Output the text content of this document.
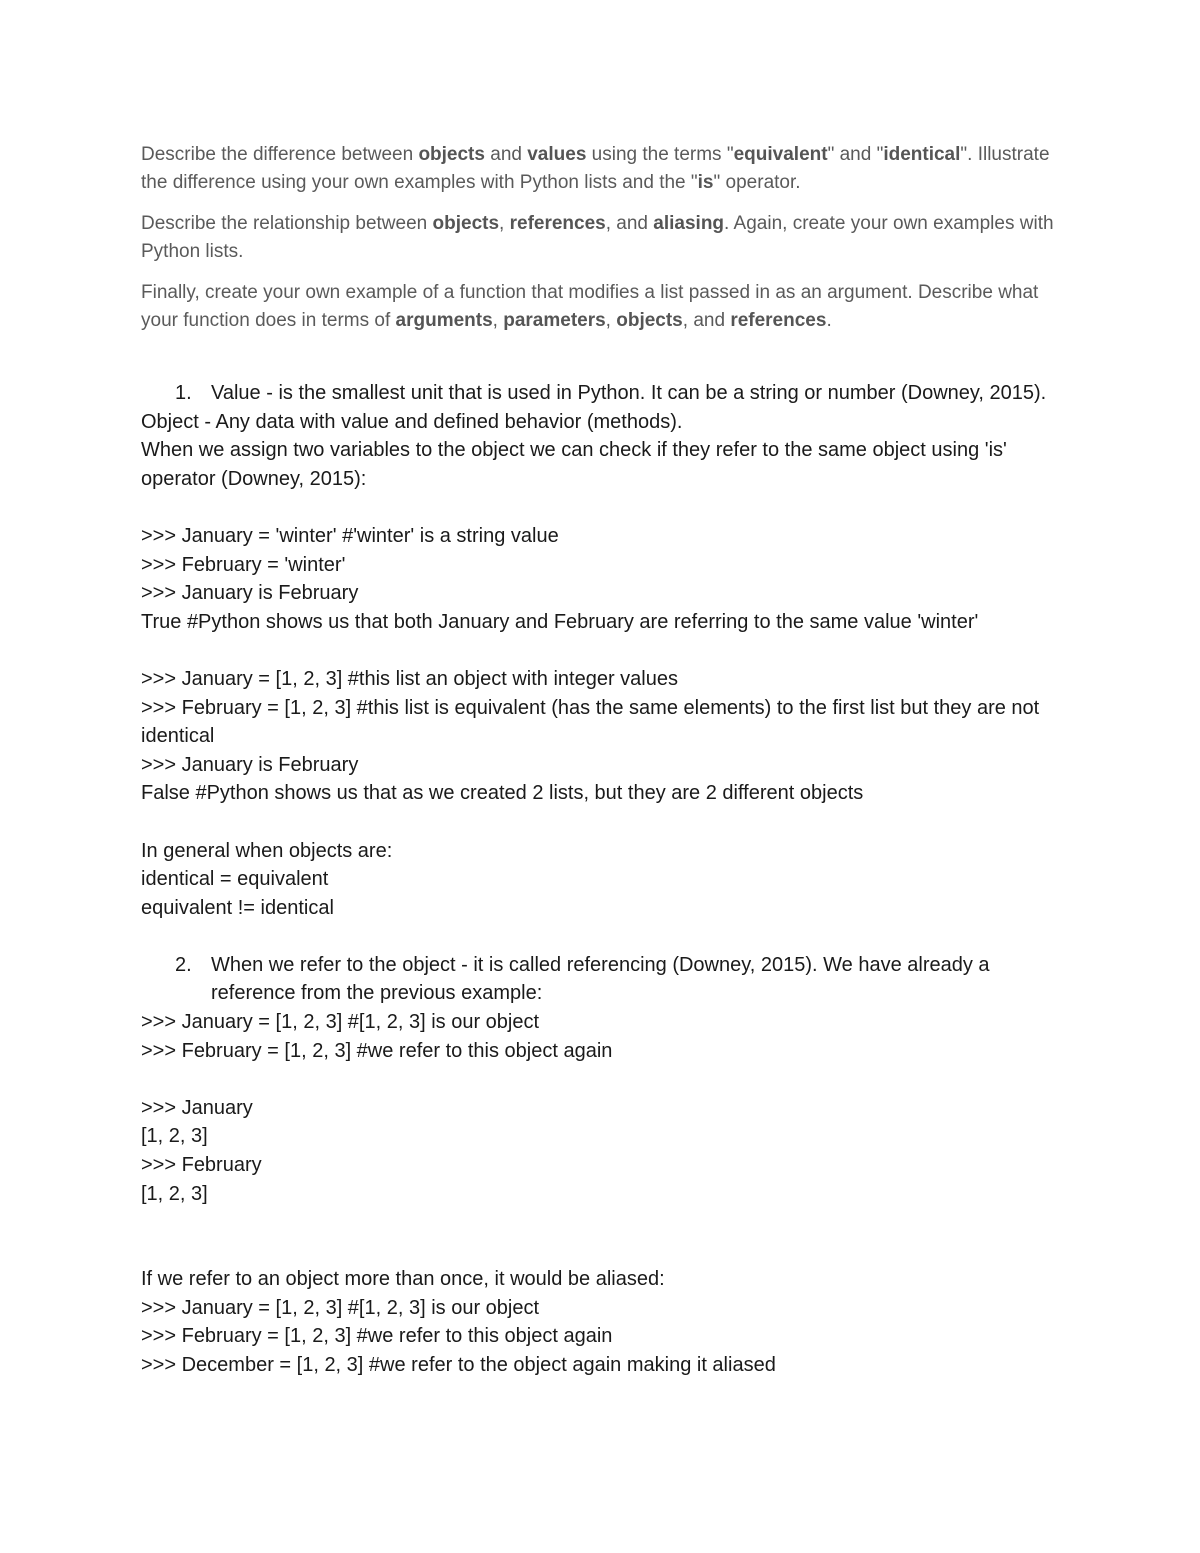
Describe the difference between objects and values using the terms "equivalent" and "identical". Illustrate the difference using your own examples with Python lists and the "is" operator.

Describe the relationship between objects, references, and aliasing. Again, create your own examples with Python lists.

Finally, create your own example of a function that modifies a list passed in as an argument. Describe what your function does in terms of arguments, parameters, objects, and references.

1. Value - is the smallest unit that is used in Python. It can be a string or number (Downey, 2015).
Object - Any data with value and defined behavior (methods).
When we assign two variables to the object we can check if they refer to the same object using 'is' operator (Downey, 2015):
>>> January = 'winter' #'winter' is a string value
>>> February = 'winter'
>>> January is February
True #Python shows us that both January and February are referring to the same value 'winter'
>>> January = [1, 2, 3] #this list an object with integer values
>>> February = [1, 2, 3] #this list is equivalent (has the same elements) to the first list but they are not identical
>>> January is February
False #Python shows us that as we created 2 lists, but they are 2 different objects
In general when objects are:
identical = equivalent
equivalent != identical
2. When we refer to the object - it is called referencing (Downey, 2015). We have already a reference from the previous example:
>>> January = [1, 2, 3] #[1, 2, 3] is our object
>>> February = [1, 2, 3] #we refer to this object again
>>> January
[1, 2, 3]
>>> February
[1, 2, 3]
If we refer to an object more than once, it would be aliased:
>>> January = [1, 2, 3] #[1, 2, 3] is our object
>>> February = [1, 2, 3] #we refer to this object again
>>> December = [1, 2, 3] #we refer to the object again making it aliased
